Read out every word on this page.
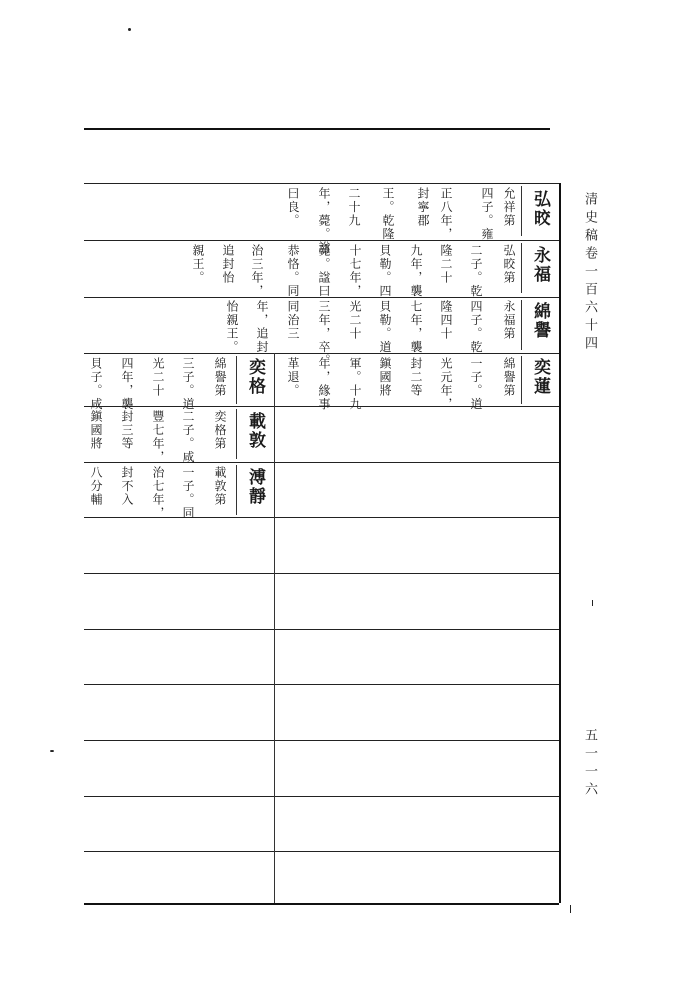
清史稿卷一百六十四
五一一六
弘晈
允祥第
四子。雍
正八年，
封寧郡
王。乾隆
二十九
年，薨。諡
曰良。
永福
弘晈第
二子。乾
隆二十
九年，襲
貝勒。四
十七年，
薨。諡曰
恭恪。同
治三年，
追封怡
親王。
綿譽
永福第
四子。乾
隆四十
七年，襲
貝勒。道
光二十
三年，卒。
同治三
年，追封
怡親王。
奕蓮
綿譽第
一子。道
光元年，
封二等
鎭國將
軍。十九
年，緣事
革退。
奕格
綿譽第
三子。道
光二十
四年，襲
貝子。咸
載敦
奕格第
二子。咸
豐七年，
封三等
鎭國將
溥靜
載敦第
一子。同
治七年，
封不入
八分輔
